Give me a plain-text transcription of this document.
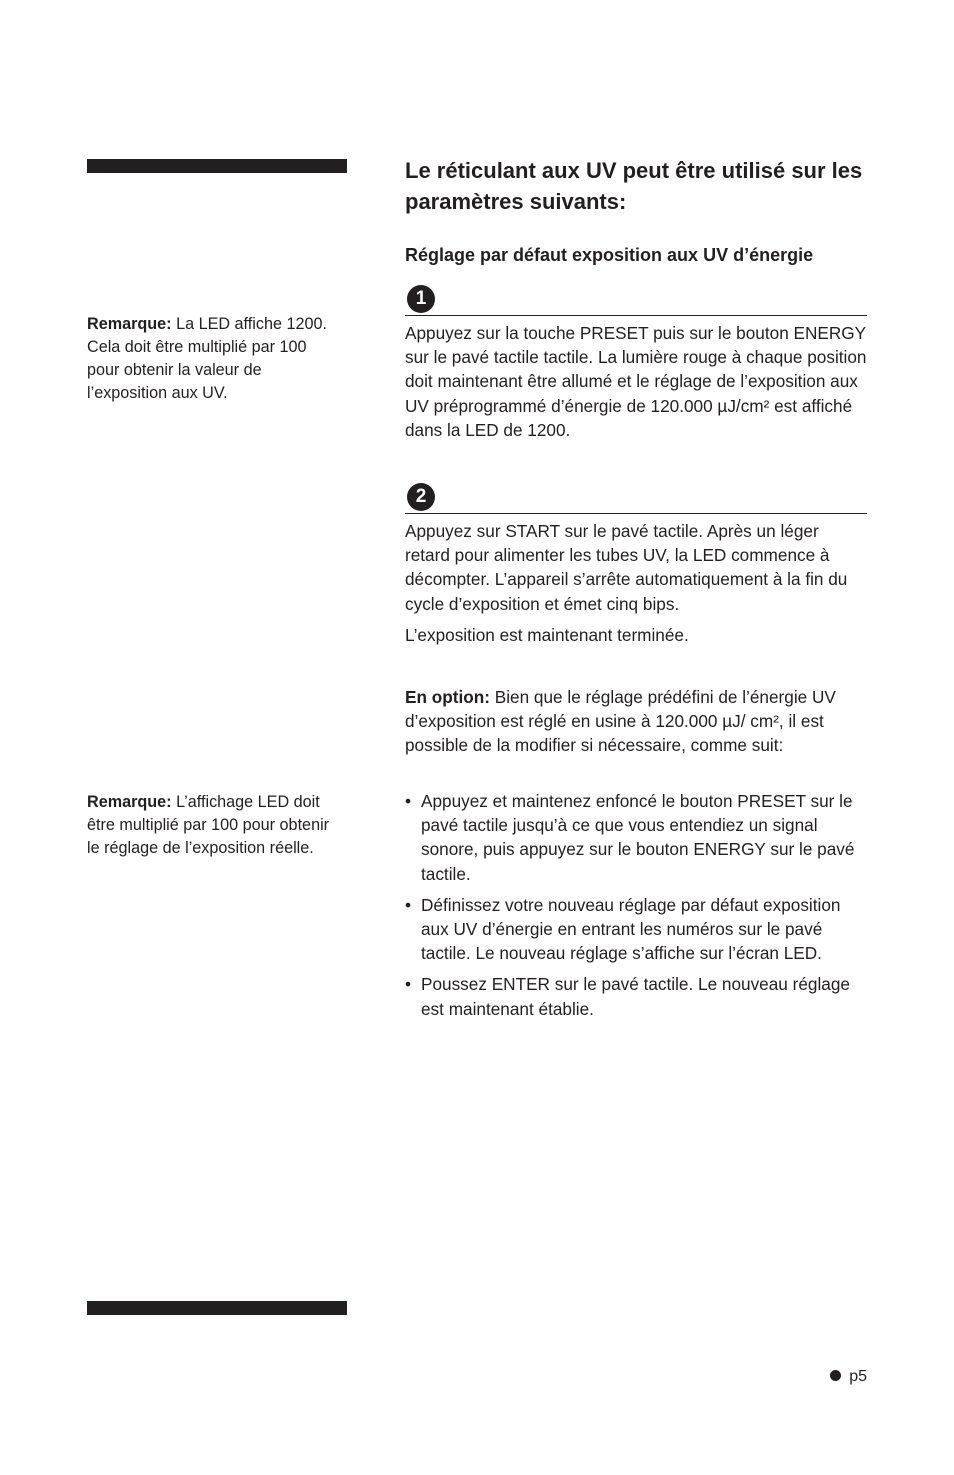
Remarque: La LED affiche 1200. Cela doit être multiplié par 100 pour obtenir la valeur de l’exposition aux UV.
Remarque: L’affichage LED doit être multiplié par 100 pour obtenir le réglage de l’exposition réelle.
Le réticulant aux UV peut être utilisé sur les paramètres suivants:
Réglage par défaut exposition aux UV d’énergie
1

Appuyez sur la touche PRESET puis sur le bouton ENERGY sur le pavé tactile tactile. La lumière rouge à chaque position doit maintenant être allumé et le réglage de l’exposition aux UV préprogrammé d’énergie de 120.000 µJ/cm² est affiché dans la LED de 1200.

2

Appuyez sur START sur le pavé tactile. Après un léger retard pour alimenter les tubes UV, la LED commence à décompter. L’appareil s’arrête automatiquement à la fin du cycle d’exposition et émet cinq bips.

L’exposition est maintenant terminée.

En option: Bien que le réglage prédéfini de l’énergie UV d’exposition est réglé en usine à 120.000 µJ/ cm², il est possible de la modifier si nécessaire, comme suit:

• Appuyez et maintenez enfoncé le bouton PRESET sur le pavé tactile jusqu’à ce que vous entendiez un signal sonore, puis appuyez sur le bouton ENERGY sur le pavé tactile.
• Définissez votre nouveau réglage par défaut exposition aux UV d’énergie en entrant les numéros sur le pavé tactile. Le nouveau réglage s’affiche sur l’écran LED.
• Poussez ENTER sur le pavé tactile. Le nouveau réglage est maintenant établie.
p5
